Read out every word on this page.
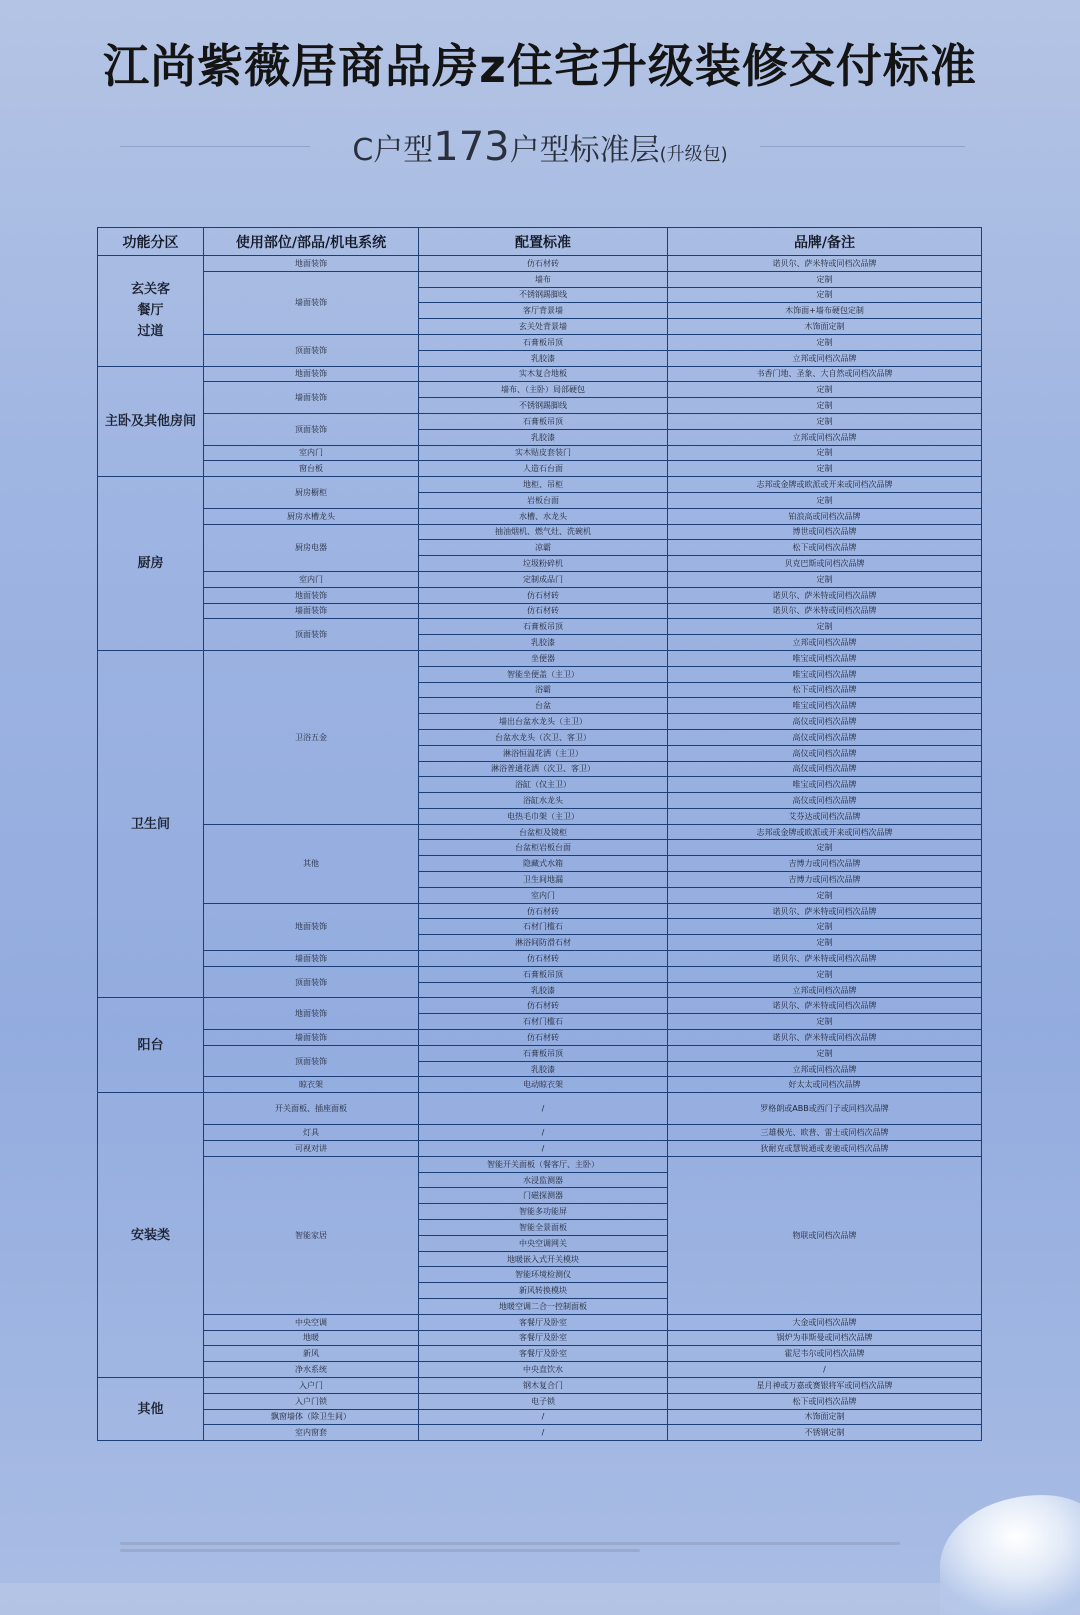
江尚紫薇居商品房z住宅升级装修交付标准
C户型173户型标准层(升级包)
功能分区	使用部位/部品/机电系统	配置标准	品牌/备注
玄关客
餐厅
过道	地面装饰	仿石材砖	诺贝尔、萨米特或同档次品牌
	墙面装饰	墙布	定制
		不锈钢踢脚线	定制
		客厅背景墙	木饰面+墙布硬包定制
		玄关处背景墙	木饰面定制
	顶面装饰	石膏板吊顶	定制
		乳胶漆	立邦或同档次品牌
主卧及其他房间	地面装饰	实木复合地板	书香门地、圣象、大自然或同档次品牌
	墙面装饰	墙布、（主卧）局部硬包	定制
		不锈钢踢脚线	定制
	顶面装饰	石膏板吊顶	定制
		乳胶漆	立邦或同档次品牌
	室内门	实木贴皮套装门	定制
	窗台板	人造石台面	定制
厨房	厨房橱柜	地柜、吊柜	志邦或金牌或欧派或开来或同档次品牌
		岩板台面	定制
	厨房水槽龙头	水槽、水龙头	铂浪高或同档次品牌
	厨房电器	抽油烟机、燃气灶、洗碗机	博世或同档次品牌
		凉霸	松下或同档次品牌
		垃圾粉碎机	贝克巴斯或同档次品牌
	室内门	定制成品门	定制
	地面装饰	仿石材砖	诺贝尔、萨米特或同档次品牌
	墙面装饰	仿石材砖	诺贝尔、萨米特或同档次品牌
	顶面装饰	石膏板吊顶	定制
		乳胶漆	立邦或同档次品牌
卫生间	卫浴五金	坐便器	唯宝或同档次品牌
		智能坐便盖（主卫）	唯宝或同档次品牌
		浴霸	松下或同档次品牌
		台盆	唯宝或同档次品牌
		墙出台盆水龙头（主卫）	高仪或同档次品牌
		台盆水龙头（次卫、客卫）	高仪或同档次品牌
		淋浴恒温花洒（主卫）	高仪或同档次品牌
		淋浴普通花洒（次卫、客卫）	高仪或同档次品牌
		浴缸（仅主卫）	唯宝或同档次品牌
		浴缸水龙头	高仪或同档次品牌
		电热毛巾架（主卫）	艾芬达或同档次品牌
	其他	台盆柜及镜柜	志邦或金牌或欧派或开来或同档次品牌
		台盆柜岩板台面	定制
		隐藏式水箱	吉博力或同档次品牌
		卫生间地漏	吉博力或同档次品牌
		室内门	定制
	地面装饰	仿石材砖	诺贝尔、萨米特或同档次品牌
		石材门槛石	定制
		淋浴间防滑石材	定制
	墙面装饰	仿石材砖	诺贝尔、萨米特或同档次品牌
	顶面装饰	石膏板吊顶	定制
		乳胶漆	立邦或同档次品牌
阳台	地面装饰	仿石材砖	诺贝尔、萨米特或同档次品牌
		石材门槛石	定制
	墙面装饰	仿石材砖	诺贝尔、萨米特或同档次品牌
	顶面装饰	石膏板吊顶	定制
		乳胶漆	立邦或同档次品牌
	晾衣架	电动晾衣架	好太太或同档次品牌
安装类	开关面板、插座面板	/	罗格朗或ABB或西门子或同档次品牌
	灯具	/	三雄极光、欧普、雷士或同档次品牌
	可视对讲	/	狄耐克或慧锐通或麦驰或同档次品牌
	智能家居	智能开关面板（餐客厅、主卧）	物联或同档次品牌
		水浸监测器	
		门磁探测器	
		智能多功能屏	
		智能全景面板	
		中央空调网关	
		地暖嵌入式开关模块	
		智能环境检测仪	
		新风转换模块	
		地暖空调二合一控制面板	
	中央空调	客餐厅及卧室	大金或同档次品牌
	地暖	客餐厅及卧室	锅炉为菲斯曼或同档次品牌
	新风	客餐厅及卧室	霍尼韦尔或同档次品牌
	净水系统	中央直饮水	/
其他	入户门	钢木复合门	星月神或万嘉或赛银将军或同档次品牌
	入户门锁	电子锁	松下或同档次品牌
	飘窗墙体（除卫生间）	/	木饰面定制
	室内窗套	/	不锈钢定制
